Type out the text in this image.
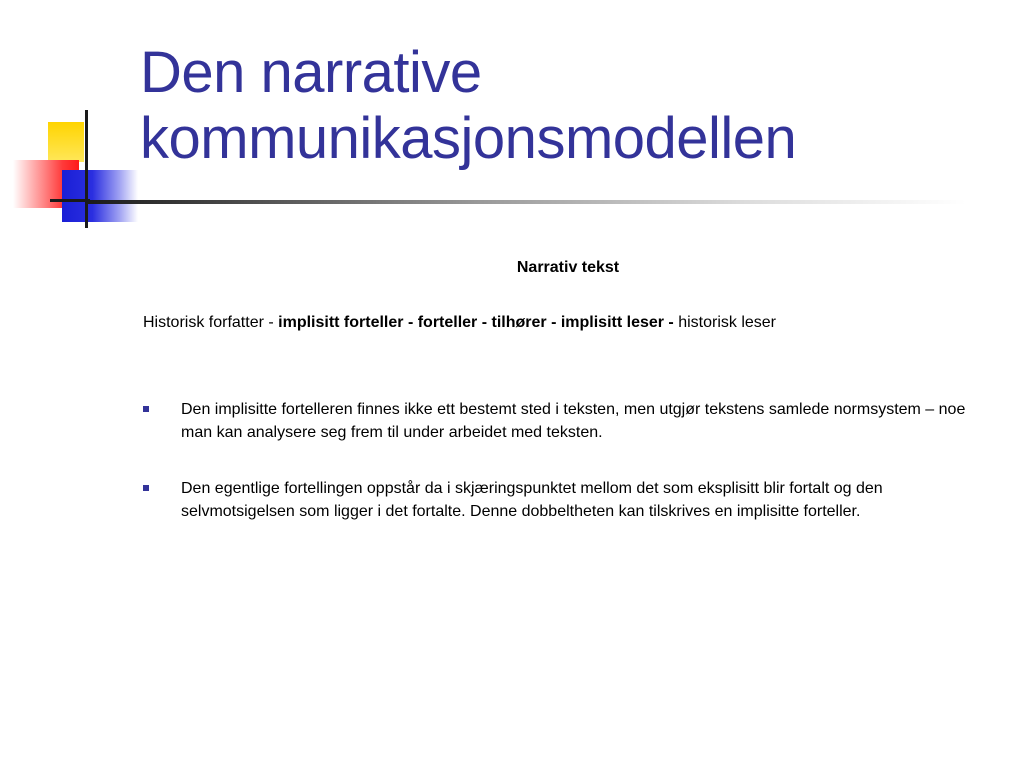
Den narrative kommunikasjonsmodellen
Narrativ tekst
Historisk forfatter - implisitt forteller - forteller - tilhører - implisitt leser - historisk leser
Den implisitte fortelleren finnes ikke ett bestemt sted i teksten, men utgjør tekstens samlede normsystem – noe man kan analysere seg frem til under arbeidet med teksten.
Den egentlige fortellingen oppstår da i skjæringspunktet mellom det som eksplisitt blir fortalt og den selvmotsigelsen som ligger i det fortalte. Denne dobbeltheten kan tilskrives en implisitte forteller.
